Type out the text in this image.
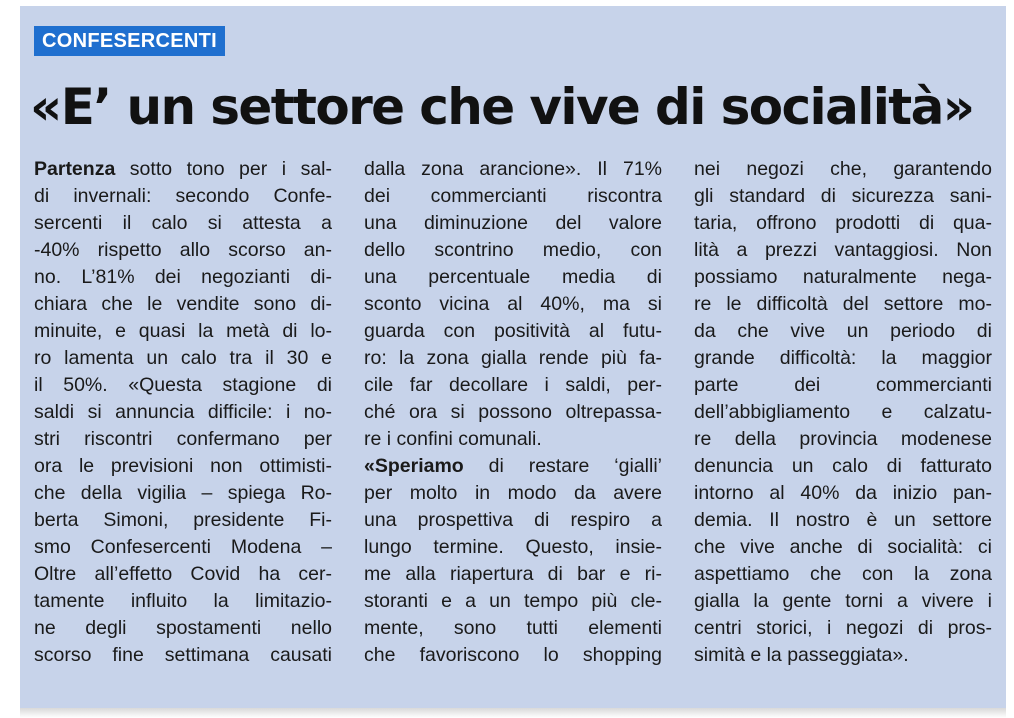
CONFESERCENTI
«E’ un settore che vive di socialità»
Partenza sotto tono per i sal-
di invernali: secondo Confe-
sercenti il calo si attesta a
-40% rispetto allo scorso an-
no. L’81% dei negozianti di-
chiara che le vendite sono di-
minuite, e quasi la metà di lo-
ro lamenta un calo tra il 30 e
il 50%. «Questa stagione di
saldi si annuncia difficile: i no-
stri riscontri confermano per
ora le previsioni non ottimisti-
che della vigilia – spiega Ro-
berta Simoni, presidente Fi-
smo Confesercenti Modena –
Oltre all’effetto Covid ha cer-
tamente influito la limitazio-
ne degli spostamenti nello
scorso fine settimana causati
dalla zona arancione». Il 71%
dei commercianti riscontra
una diminuzione del valore
dello scontrino medio, con
una percentuale media di
sconto vicina al 40%, ma si
guarda con positività al futu-
ro: la zona gialla rende più fa-
cile far decollare i saldi, per-
ché ora si possono oltrepassa-
re i confini comunali.
«Speriamo di restare ‘gialli’
per molto in modo da avere
una prospettiva di respiro a
lungo termine. Questo, insie-
me alla riapertura di bar e ri-
storanti e a un tempo più cle-
mente, sono tutti elementi
che favoriscono lo shopping
nei negozi che, garantendo
gli standard di sicurezza sani-
taria, offrono prodotti di qua-
lità a prezzi vantaggiosi. Non
possiamo naturalmente nega-
re le difficoltà del settore mo-
da che vive un periodo di
grande difficoltà: la maggior
parte dei commercianti
dell’abbigliamento e calzatu-
re della provincia modenese
denuncia un calo di fatturato
intorno al 40% da inizio pan-
demia. Il nostro è un settore
che vive anche di socialità: ci
aspettiamo che con la zona
gialla la gente torni a vivere i
centri storici, i negozi di pros-
simità e la passeggiata».
